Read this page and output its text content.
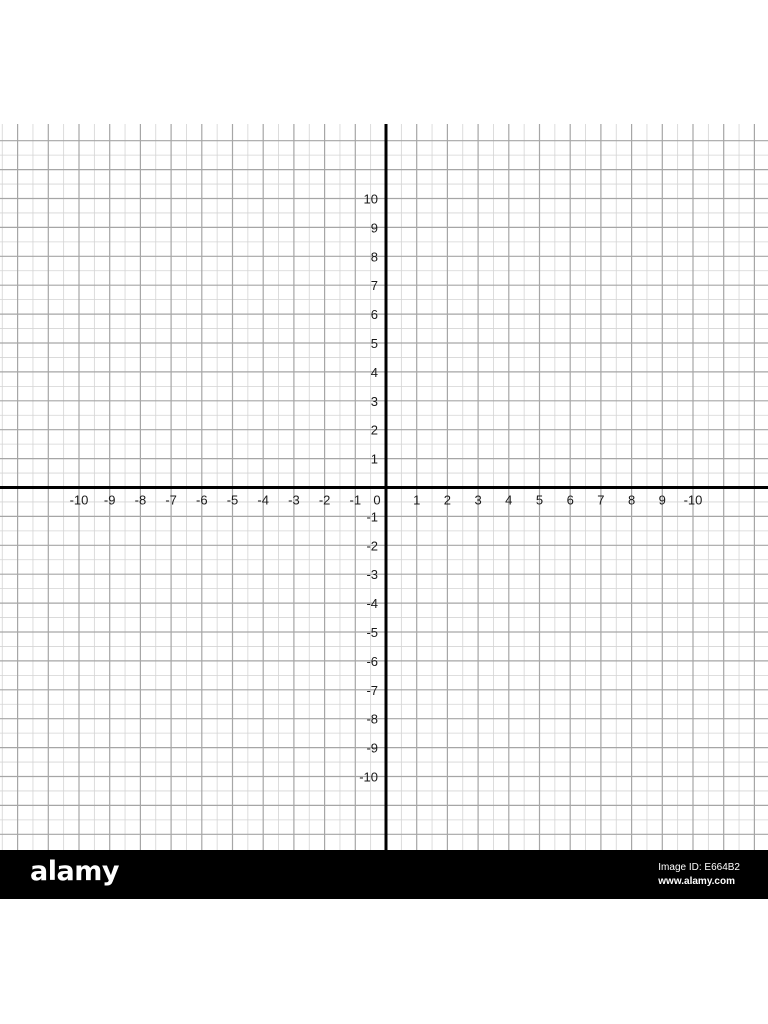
-10 -9 -8 -7 -6 -5 -4 -3 -2 -1 0 1 2 3 4 5 6 7 8 9 -10
10
9
8
7
6
5
4
3
2
1
-1
-2
-3
-4
-5
-6
-7
-8
-9
-10
alamy	Image ID: E664B2
www.alamy.com
